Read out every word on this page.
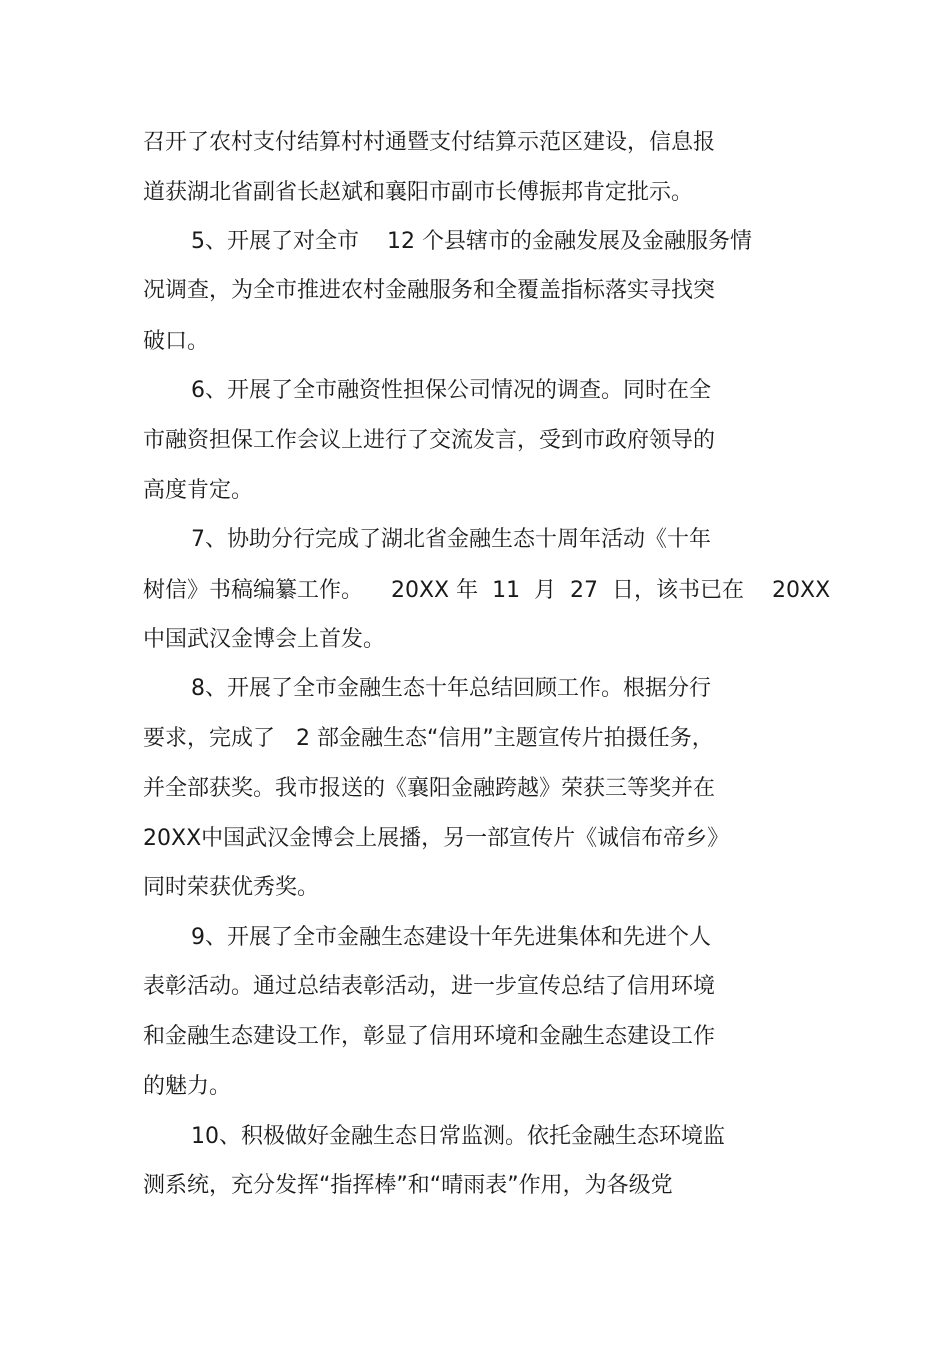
召开了农村支付结算村村通暨支付结算示范区建设，信息报
道获湖北省副省长赵斌和襄阳市副市长傅振邦肯定批示。
5、开展了对全市    12 个县辖市的金融发展及金融服务情
况调查，为全市推进农村金融服务和全覆盖指标落实寻找突
破口。
6、开展了全市融资性担保公司情况的调查。同时在全
市融资担保工作会议上进行了交流发言，受到市政府领导的
高度肯定。
7、协助分行完成了湖北省金融生态十周年活动《十年
树信》书稿编纂工作。    20XX 年  11  月  27  日，该书已在    20XX
中国武汉金博会上首发。
8、开展了全市金融生态十年总结回顾工作。根据分行
要求，完成了   2 部金融生态“信用”主题宣传片拍摄任务，
并全部获奖。我市报送的《襄阳金融跨越》荣获三等奖并在
20XX中国武汉金博会上展播，另一部宣传片《诚信布帝乡》
同时荣获优秀奖。
9、开展了全市金融生态建设十年先进集体和先进个人
表彰活动。通过总结表彰活动，进一步宣传总结了信用环境
和金融生态建设工作，彰显了信用环境和金融生态建设工作
的魅力。
10、积极做好金融生态日常监测。依托金融生态环境监
测系统，充分发挥“指挥棒”和“晴雨表”作用，为各级党
